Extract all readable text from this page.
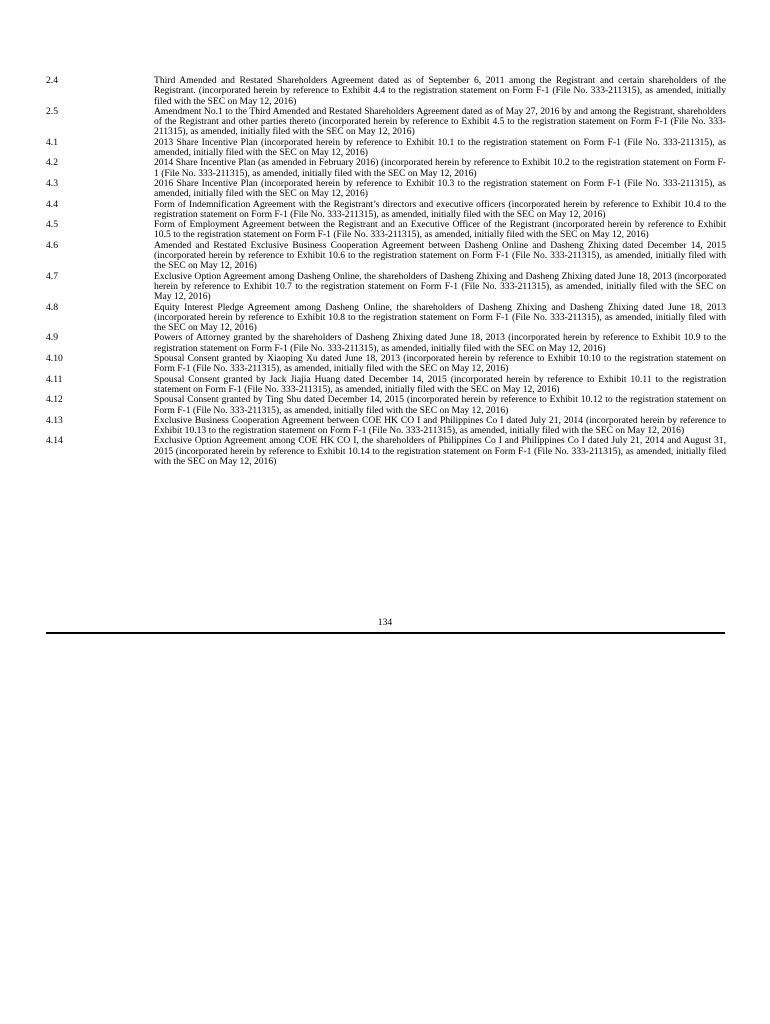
2.4	Third Amended and Restated Shareholders Agreement dated as of September 6, 2011 among the Registrant and certain shareholders of the Registrant. (incorporated herein by reference to Exhibit 4.4 to the registration statement on Form F-1 (File No. 333-211315), as amended, initially filed with the SEC on May 12, 2016)
2.5	Amendment No.1 to the Third Amended and Restated Shareholders Agreement dated as of May 27, 2016 by and among the Registrant, shareholders of the Registrant and other parties thereto (incorporated herein by reference to Exhibit 4.5 to the registration statement on Form F-1 (File No. 333-211315), as amended, initially filed with the SEC on May 12, 2016)
4.1	2013 Share Incentive Plan (incorporated herein by reference to Exhibit 10.1 to the registration statement on Form F-1 (File No. 333-211315), as amended, initially filed with the SEC on May 12, 2016)
4.2	2014 Share Incentive Plan (as amended in February 2016) (incorporated herein by reference to Exhibit 10.2 to the registration statement on Form F-1 (File No. 333-211315), as amended, initially filed with the SEC on May 12, 2016)
4.3	2016 Share Incentive Plan (incorporated herein by reference to Exhibit 10.3 to the registration statement on Form F-1 (File No. 333-211315), as amended, initially filed with the SEC on May 12, 2016)
4.4	Form of Indemnification Agreement with the Registrant’s directors and executive officers (incorporated herein by reference to Exhibit 10.4 to the registration statement on Form F-1 (File No. 333-211315), as amended, initially filed with the SEC on May 12, 2016)
4.5	Form of Employment Agreement between the Registrant and an Executive Officer of the Registrant (incorporated herein by reference to Exhibit 10.5 to the registration statement on Form F-1 (File No. 333-211315), as amended, initially filed with the SEC on May 12, 2016)
4.6	Amended and Restated Exclusive Business Cooperation Agreement between Dasheng Online and Dasheng Zhixing dated December 14, 2015 (incorporated herein by reference to Exhibit 10.6 to the registration statement on Form F-1 (File No. 333-211315), as amended, initially filed with the SEC on May 12, 2016)
4.7	Exclusive Option Agreement among Dasheng Online, the shareholders of Dasheng Zhixing and Dasheng Zhixing dated June 18, 2013 (incorporated herein by reference to Exhibit 10.7 to the registration statement on Form F-1 (File No. 333-211315), as amended, initially filed with the SEC on May 12, 2016)
4.8	Equity Interest Pledge Agreement among Dasheng Online, the shareholders of Dasheng Zhixing and Dasheng Zhixing dated June 18, 2013 (incorporated herein by reference to Exhibit 10.8 to the registration statement on Form F-1 (File No. 333-211315), as amended, initially filed with the SEC on May 12, 2016)
4.9	Powers of Attorney granted by the shareholders of Dasheng Zhixing dated June 18, 2013 (incorporated herein by reference to Exhibit 10.9 to the registration statement on Form F-1 (File No. 333-211315), as amended, initially filed with the SEC on May 12, 2016)
4.10	Spousal Consent granted by Xiaoping Xu dated June 18, 2013 (incorporated herein by reference to Exhibit 10.10 to the registration statement on Form F-1 (File No. 333-211315), as amended, initially filed with the SEC on May 12, 2016)
4.11	Spousal Consent granted by Jack Jiajia Huang dated December 14, 2015 (incorporated herein by reference to Exhibit 10.11 to the registration statement on Form F-1 (File No. 333-211315), as amended, initially filed with the SEC on May 12, 2016)
4.12	Spousal Consent granted by Ting Shu dated December 14, 2015 (incorporated herein by reference to Exhibit 10.12 to the registration statement on Form F-1 (File No. 333-211315), as amended, initially filed with the SEC on May 12, 2016)
4.13	Exclusive Business Cooperation Agreement between COE HK CO I and Philippines Co I dated July 21, 2014 (incorporated herein by reference to Exhibit 10.13 to the registration statement on Form F-1 (File No. 333-211315), as amended, initially filed with the SEC on May 12, 2016)
4.14	Exclusive Option Agreement among COE HK CO I, the shareholders of Philippines Co I and Philippines Co I dated July 21, 2014 and August 31, 2015 (incorporated herein by reference to Exhibit 10.14 to the registration statement on Form F-1 (File No. 333-211315), as amended, initially filed with the SEC on May 12, 2016)
134
